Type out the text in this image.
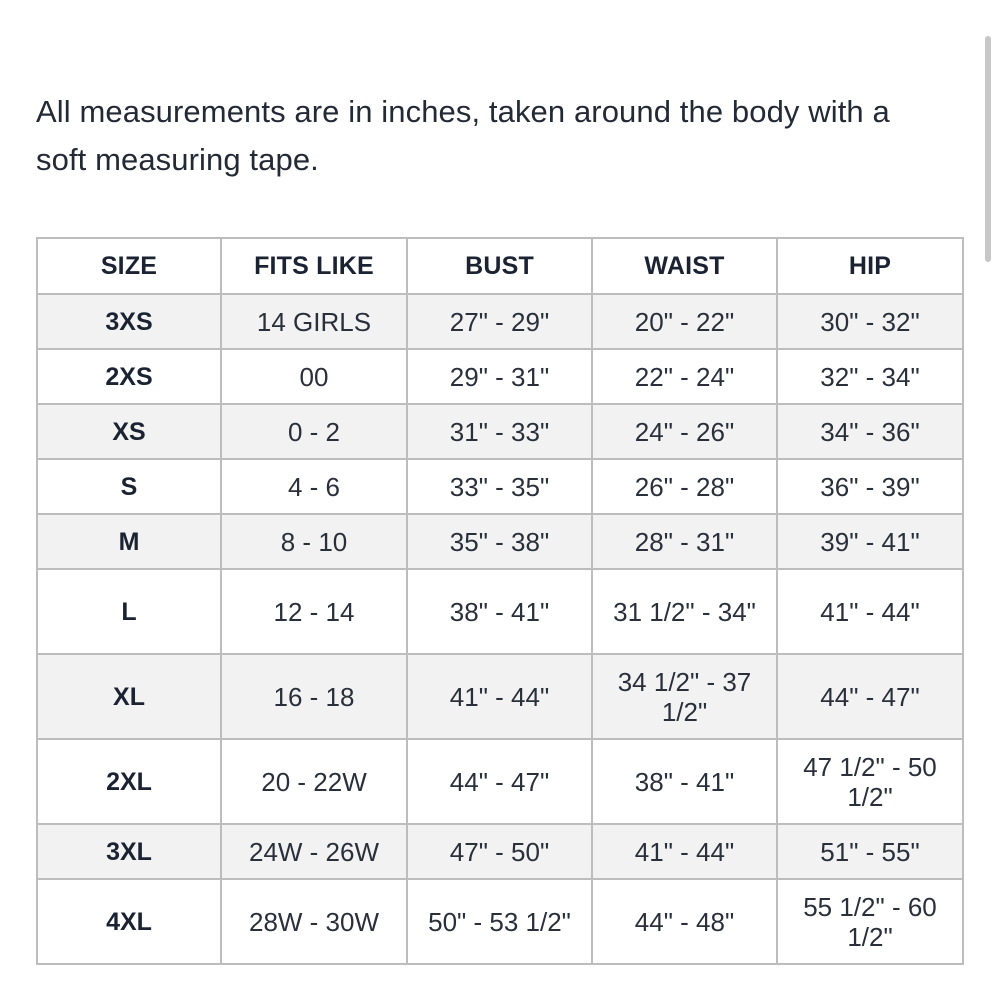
All measurements are in inches, taken around the body with a soft measuring tape.

SIZE	FITS LIKE	BUST	WAIST	HIP
3XS	14 GIRLS	27" - 29"	20" - 22"	30" - 32"
2XS	00	29" - 31"	22" - 24"	32" - 34"
XS	0 - 2	31" - 33"	24" - 26"	34" - 36"
S	4 - 6	33" - 35"	26" - 28"	36" - 39"
M	8 - 10	35" - 38"	28" - 31"	39" - 41"
L	12 - 14	38" - 41"	31 1/2" - 34"	41" - 44"
XL	16 - 18	41" - 44"	34 1/2" - 37 1/2"	44" - 47"
2XL	20 - 22W	44" - 47"	38" - 41"	47 1/2" - 50 1/2"
3XL	24W - 26W	47" - 50"	41" - 44"	51" - 55"
4XL	28W - 30W	50" - 53 1/2"	44" - 48"	55 1/2" - 60 1/2"
